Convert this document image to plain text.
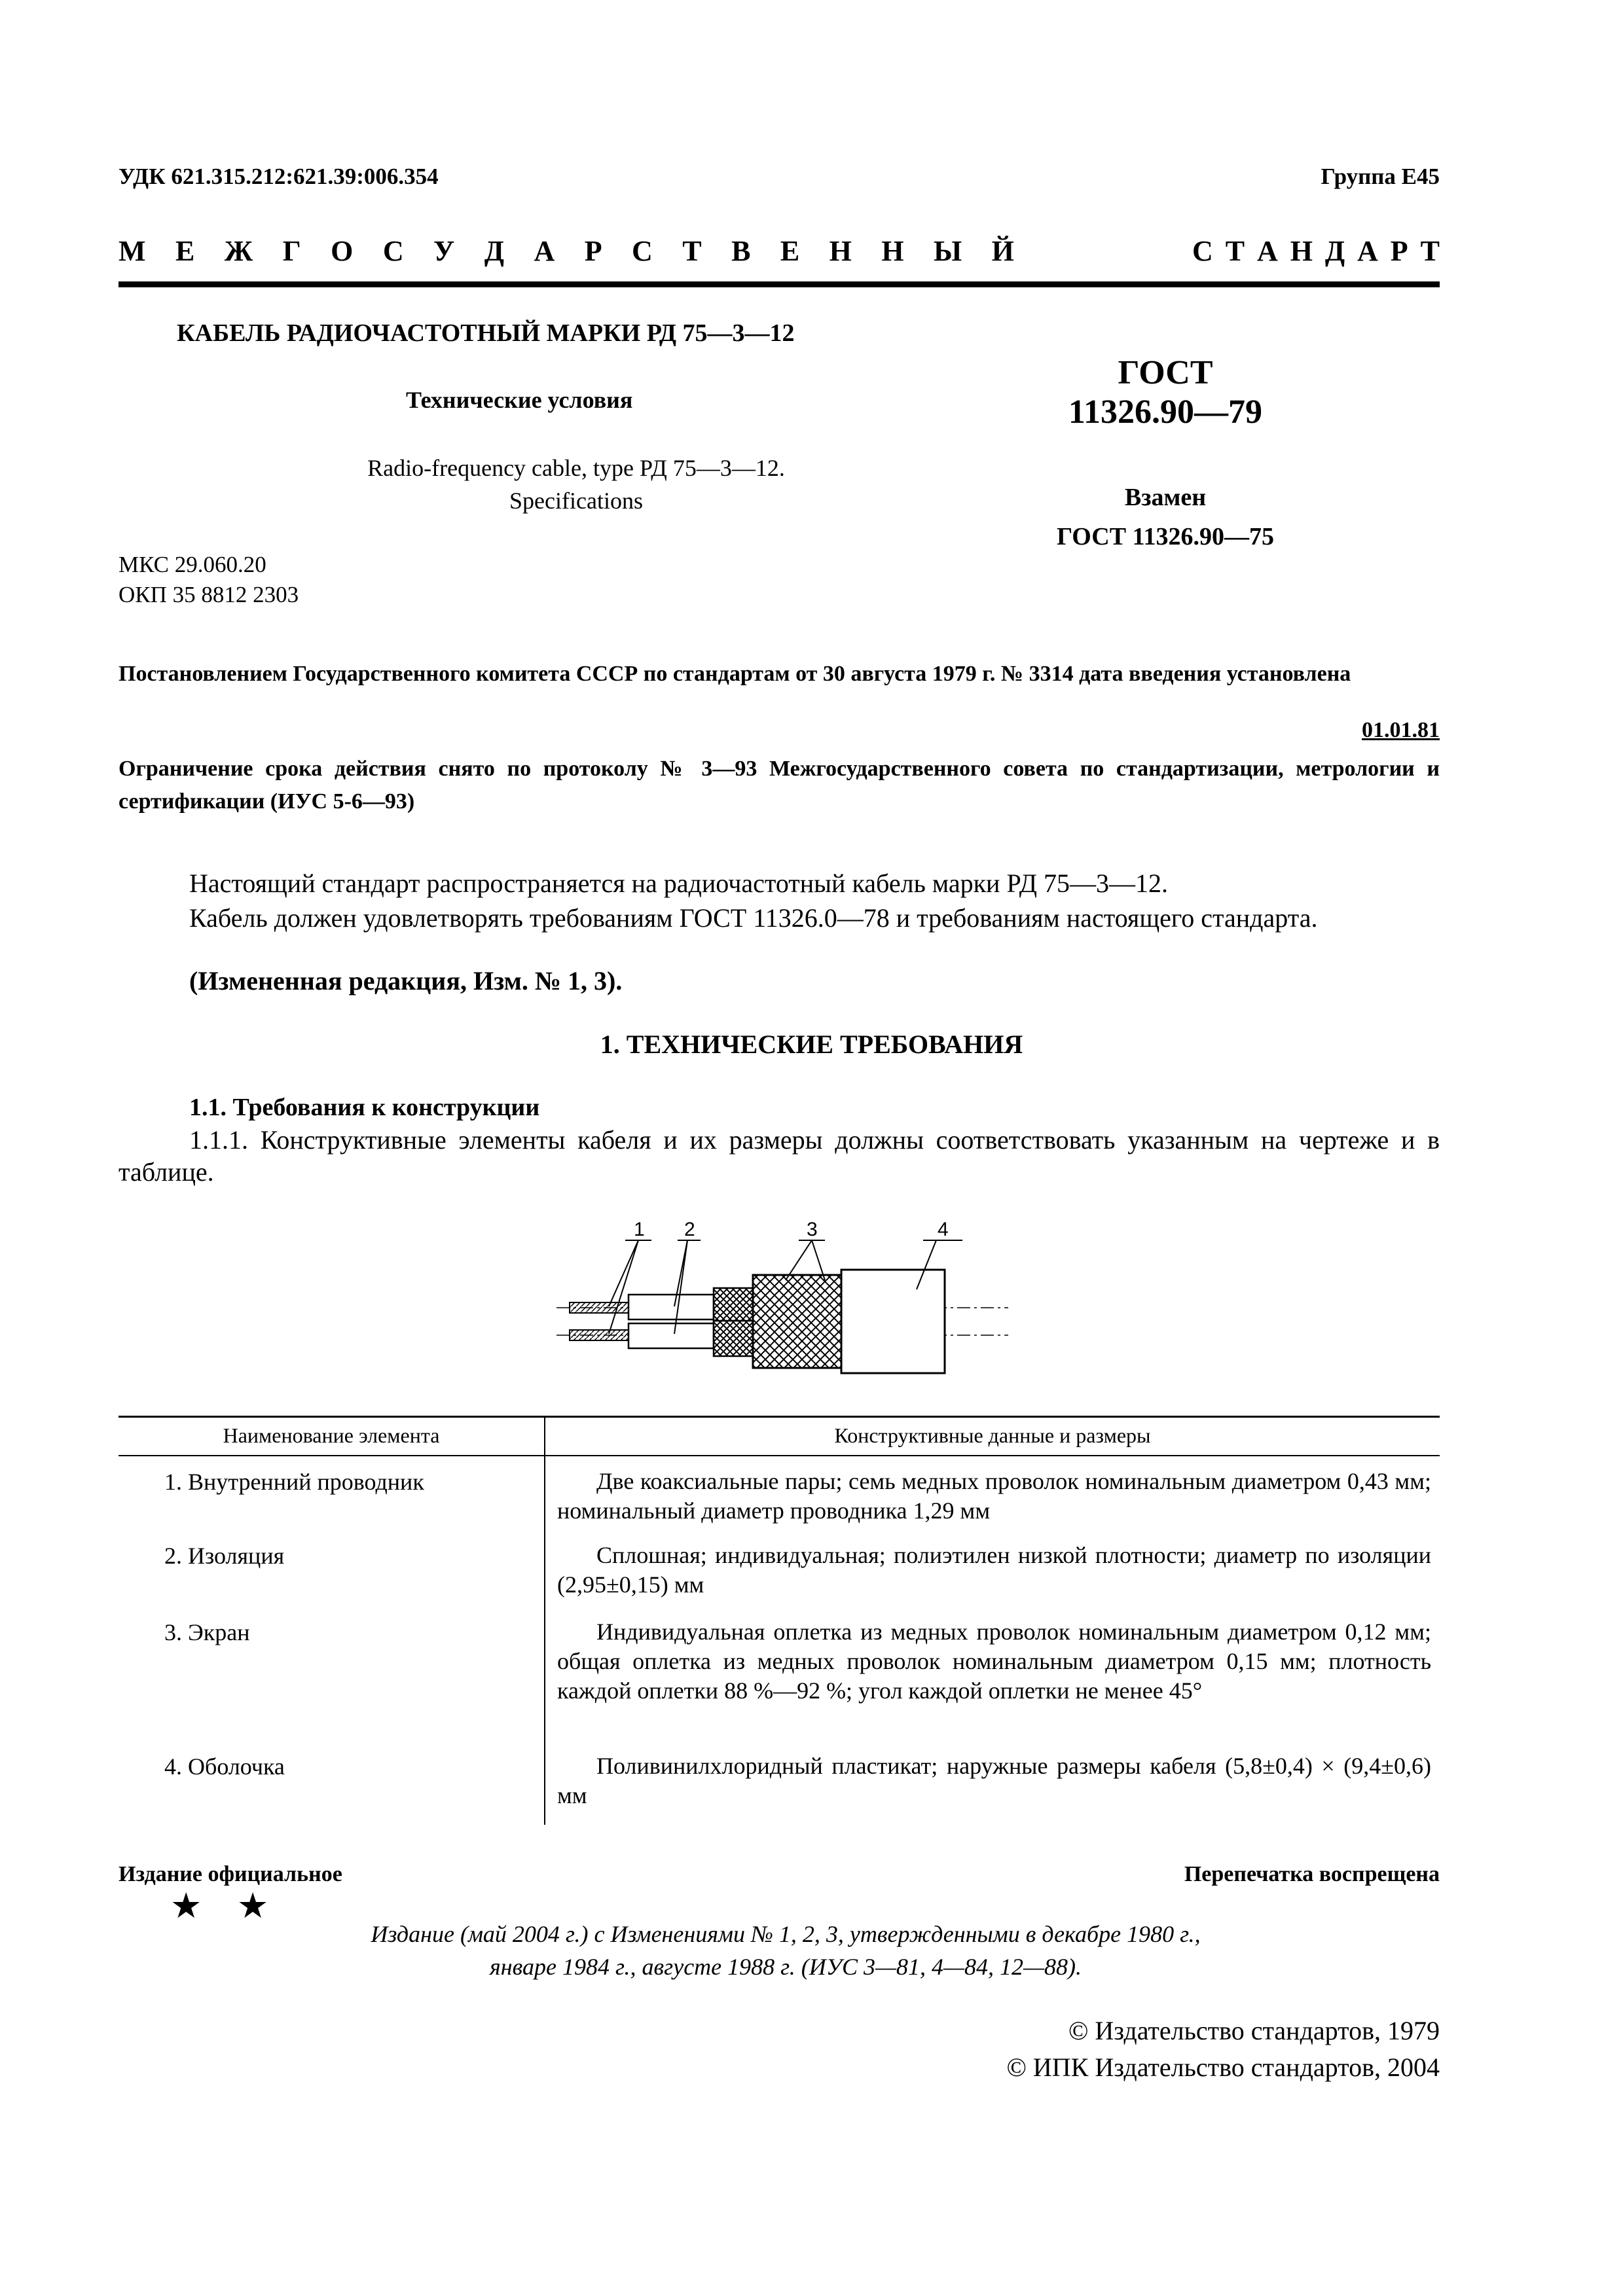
УДК 621.315.212:621.39:006.354	Группа Е45
М Е Ж Г О С У Д А Р С Т В Е Н Н Ы Й	С Т А Н Д А Р Т
КАБЕЛЬ РАДИОЧАСТОТНЫЙ МАРКИ РД 75—3—12
Технические условия
Radio-frequency cable, type РД 75—3—12.
Specifications
ГОСТ
11326.90—79
Взамен
ГОСТ 11326.90—75
МКС 29.060.20
ОКП 35 8812 2303
Постановлением Государственного комитета СССР по стандартам от 30 августа 1979 г. № 3314 дата введения установлена
01.01.81
Ограничение срока действия снято по протоколу № 3—93 Межгосударственного совета по стандартизации, метрологии и сертификации (ИУС 5-6—93)
Настоящий стандарт распространяется на радиочастотный кабель марки РД 75—3—12.
Кабель должен удовлетворять требованиям ГОСТ 11326.0—78 и требованиям настоящего стандарта.
(Измененная редакция, Изм. № 1, 3).
1. ТЕХНИЧЕСКИЕ ТРЕБОВАНИЯ
1.1. Требования к конструкции
1.1.1. Конструктивные элементы кабеля и их размеры должны соответствовать указанным на чертеже и в таблице.
1 2	3	4
Наименование элемента	Конструктивные данные и размеры
1. Внутренний проводник	Две коаксиальные пары; семь медных проволок номинальным диаметром 0,43 мм; номинальный диаметр проводника 1,29 мм
2. Изоляция	Сплошная; индивидуальная; полиэтилен низкой плотности; диаметр по изоляции (2,95±0,15) мм
3. Экран	Индивидуальная оплетка из медных проволок номинальным диаметром 0,12 мм; общая оплетка из медных проволок номинальным диаметром 0,15 мм; плотность каждой оплетки 88 %—92 %; угол каждой оплетки не менее 45°
4. Оболочка	Поливинилхлоридный пластикат; наружные размеры кабеля (5,8±0,4) × (9,4±0,6) мм
Издание официальное	Перепечатка воспрещена
★ ★
Издание (май 2004 г.) с Изменениями № 1, 2, 3, утвержденными в декабре 1980 г.,
январе 1984 г., августе 1988 г. (ИУС 3—81, 4—84, 12—88).
© Издательство стандартов, 1979
© ИПК Издательство стандартов, 2004
